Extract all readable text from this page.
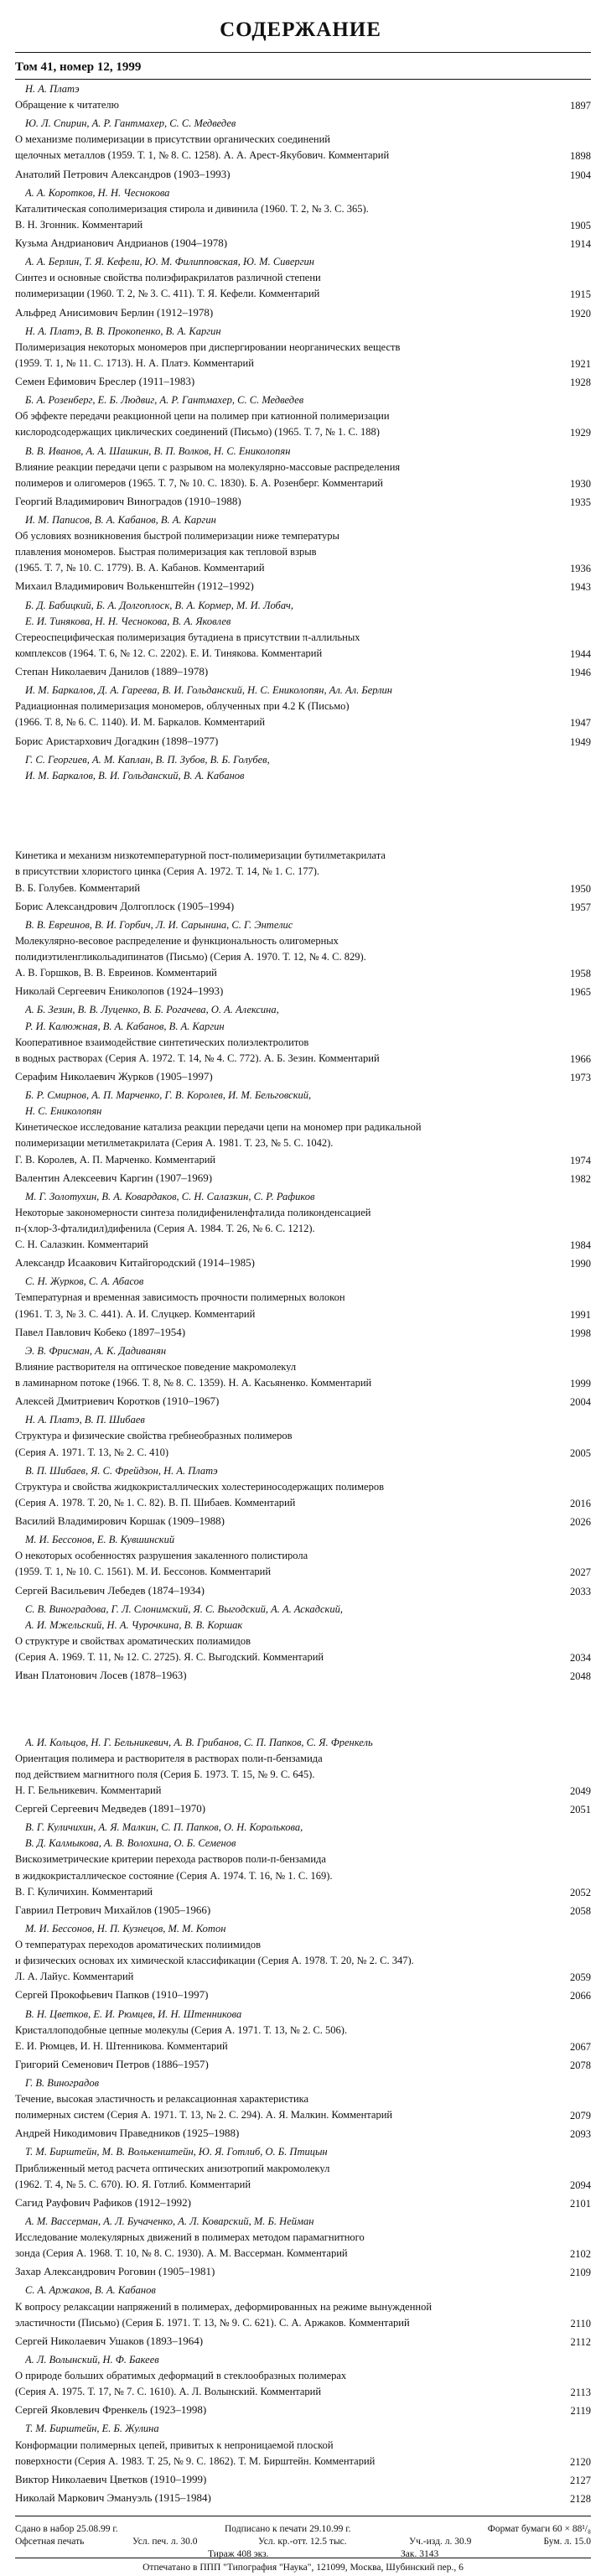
СОДЕРЖАНИЕ
Том 41, номер 12, 1999
Н. А. Платэ
Обращение к читателю	1897
Ю. Л. Спирин, А. Р. Гантмахер, С. С. Медведев
О механизме полимеризации в присутствии органических соединений
щелочных металлов (1959. Т. 1, № 8. С. 1258). А. А. Арест-Якубович. Комментарий	1898
Анатолий Петрович Александров (1903–1993)	1904
А. А. Коротков, Н. Н. Чеснокова
Каталитическая сополимеризация стирола и дивинила (1960. Т. 2, № 3. С. 365).
В. Н. Згонник. Комментарий	1905
Кузьма Андрианович Андрианов (1904–1978)	1914
А. А. Берлин, Т. Я. Кефели, Ю. М. Филипповская, Ю. М. Сивергин
Синтез и основные свойства полиэфиракрилатов различной степени
полимеризации (1960. Т. 2, № 3. С. 411). Т. Я. Кефели. Комментарий	1915
Альфред Анисимович Берлин (1912–1978)	1920
Н. А. Платэ, В. В. Прокопенко, В. А. Каргин
Полимеризация некоторых мономеров при диспергировании неорганических веществ
(1959. Т. 1, № 11. С. 1713). Н. А. Платэ. Комментарий	1921
Семен Ефимович Бреслер (1911–1983)	1928
Б. А. Розенберг, Е. Б. Людвиг, А. Р. Гантмахер, С. С. Медведев
Об эффекте передачи реакционной цепи на полимер при катионной полимеризации
кислородсодержащих циклических соединений (Письмо) (1965. Т. 7, № 1. С. 188)	1929
В. В. Иванов, А. А. Шашкин, В. П. Волков, Н. С. Ениколопян
Влияние реакции передачи цепи с разрывом на молекулярно-массовые распределения
полимеров и олигомеров (1965. Т. 7, № 10. С. 1830). Б. А. Розенберг. Комментарий	1930
Георгий Владимирович Виноградов (1910–1988)	1935
И. М. Паписов, В. А. Кабанов, В. А. Каргин
Об условиях возникновения быстрой полимеризации ниже температуры
плавления мономеров. Быстрая полимеризация как тепловой взрыв
(1965. Т. 7, № 10. С. 1779). В. А. Кабанов. Комментарий	1936
Михаил Владимирович Волькенштейн (1912–1992)	1943
Б. Д. Бабицкий, Б. А. Долгоплоск, В. А. Кормер, М. И. Лобач,
Е. И. Тинякова, Н. Н. Чеснокова, В. А. Яковлев
Стереоспецифическая полимеризация бутадиена в присутствии π-аллильных
комплексов (1964. Т. 6, № 12. С. 2202). Е. И. Тинякова. Комментарий	1944
Степан Николаевич Данилов (1889–1978)	1946
И. М. Баркалов, Д. А. Гареева, В. И. Гольданский, Н. С. Ениколопян, Ал. Ал. Берлин
Радиационная полимеризация мономеров, облученных при 4.2 К (Письмо)
(1966. Т. 8, № 6. С. 1140). И. М. Баркалов. Комментарий	1947
Борис Аристархович Догадкин (1898–1977)	1949
Г. С. Георгиев, А. М. Каплан, В. П. Зубов, В. Б. Голубев,
И. М. Баркалов, В. И. Гольданский, В. А. Кабанов
Кинетика и механизм низкотемпературной пост-полимеризации бутилметакрилата
в присутствии хлористого цинка (Серия А. 1972. Т. 14, № 1. С. 177).
В. Б. Голубев. Комментарий	1950
Борис Александрович Долгоплоск (1905–1994)	1957
В. В. Евреинов, В. И. Горбич, Л. И. Сарынина, С. Г. Энтелис
Молекулярно-весовое распределение и функциональность олигомерных
полидиэтиленгликольадипинатов (Письмо) (Серия А. 1970. Т. 12, № 4. С. 829).
А. В. Горшков, В. В. Евреинов. Комментарий	1958
Николай Сергеевич Ениколопов (1924–1993)	1965
А. Б. Зезин, В. В. Луценко, В. Б. Рогачева, О. А. Алексина,
Р. И. Калюжная, В. А. Кабанов, В. А. Каргин
Кооперативное взаимодействие синтетических полиэлектролитов
в водных растворах (Серия А. 1972. Т. 14, № 4. С. 772). А. Б. Зезин. Комментарий	1966
Серафим Николаевич Журков (1905–1997)	1973
Б. Р. Смирнов, А. П. Марченко, Г. В. Королев, И. М. Бельговский,
Н. С. Ениколопян
Кинетическое исследование катализа реакции передачи цепи на мономер при радикальной
полимеризации метилметакрилата (Серия А. 1981. Т. 23, № 5. С. 1042).
Г. В. Королев, А. П. Марченко. Комментарий	1974
Валентин Алексеевич Каргин (1907–1969)	1982
М. Г. Золотухин, В. А. Ковардаков, С. Н. Салазкин, С. Р. Рафиков
Некоторые закономерности синтеза полидифениленфталида поликонденсацией
п-(хлор-3-фталидил)дифенила (Серия А. 1984. Т. 26, № 6. С. 1212).
С. Н. Салазкин. Комментарий	1984
Александр Исаакович Китайгородский (1914–1985)	1990
С. Н. Журков, С. А. Абасов
Температурная и временная зависимость прочности полимерных волокон
(1961. Т. 3, № 3. С. 441). А. И. Слуцкер. Комментарий	1991
Павел Павлович Кобеко (1897–1954)	1998
Э. В. Фрисман, А. К. Дадиванян
Влияние растворителя на оптическое поведение макромолекул
в ламинарном потоке (1966. Т. 8, № 8. С. 1359). Н. А. Касьяненко. Комментарий	1999
Алексей Дмитриевич Коротков (1910–1967)	2004
Н. А. Платэ, В. П. Шибаев
Структура и физические свойства гребнеобразных полимеров
(Серия А. 1971. Т. 13, № 2. С. 410)	2005
В. П. Шибаев, Я. С. Фрейдзон, Н. А. Платэ
Структура и свойства жидкокристаллических холестериносодержащих полимеров
(Серия А. 1978. Т. 20, № 1. С. 82). В. П. Шибаев. Комментарий	2016
Василий Владимирович Коршак (1909–1988)	2026
М. И. Бессонов, Е. В. Кувшинский
О некоторых особенностях разрушения закаленного полистирола
(1959. Т. 1, № 10. С. 1561). М. И. Бессонов. Комментарий	2027
Сергей Васильевич Лебедев (1874–1934)	2033
С. В. Виноградова, Г. Л. Слонимский, Я. С. Выгодский, А. А. Аскадский,
А. И. Мжельский, Н. А. Чурочкина, В. В. Коршак
О структуре и свойствах ароматических полиамидов
(Серия А. 1969. Т. 11, № 12. С. 2725). Я. С. Выгодский. Комментарий	2034
Иван Платонович Лосев (1878–1963)	2048
А. И. Кольцов, Н. Г. Бельникевич, А. В. Грибанов, С. П. Папков, С. Я. Френкель
Ориентация полимера и растворителя в растворах поли-п-бензамида
под действием магнитного поля (Серия Б. 1973. Т. 15, № 9. С. 645).
Н. Г. Бельникевич. Комментарий	2049
Сергей Сергеевич Медведев (1891–1970)	2051
В. Г. Куличихин, А. Я. Малкин, С. П. Папков, О. Н. Королькова,
В. Д. Калмыкова, А. В. Волохина, О. Б. Семенов
Вискозиметрические критерии перехода растворов поли-п-бензамида
в жидкокристаллическое состояние (Серия А. 1974. Т. 16, № 1. С. 169).
В. Г. Куличихин. Комментарий	2052
Гавриил Петрович Михайлов (1905–1966)	2058
М. И. Бессонов, Н. П. Кузнецов, М. М. Котон
О температурах переходов ароматических полиимидов
и физических основах их химической классификации (Серия А. 1978. Т. 20, № 2. С. 347).
Л. А. Лайус. Комментарий	2059
Сергей Прокофьевич Папков (1910–1997)	2066
В. Н. Цветков, Е. И. Рюмцев, И. Н. Штенникова
Кристаллоподобные цепные молекулы (Серия А. 1971. Т. 13, № 2. С. 506).
Е. И. Рюмцев, И. Н. Штенникова. Комментарий	2067
Григорий Семенович Петров (1886–1957)	2078
Г. В. Виноградов
Течение, высокая эластичность и релаксационная характеристика
полимерных систем (Серия А. 1971. Т. 13, № 2. С. 294). А. Я. Малкин. Комментарий	2079
Андрей Никодимович Праведников (1925–1988)	2093
Т. М. Бирштейн, М. В. Волькенштейн, Ю. Я. Готлиб, О. Б. Птицын
Приближенный метод расчета оптических анизотропий макромолекул
(1962. Т. 4, № 5. С. 670). Ю. Я. Готлиб. Комментарий	2094
Сагид Рауфович Рафиков (1912–1992)	2101
А. М. Вассерман, А. Л. Бучаченко, А. Л. Коварский, М. Б. Нейман
Исследование молекулярных движений в полимерах методом парамагнитного
зонда (Серия А. 1968. Т. 10, № 8. С. 1930). А. М. Вассерман. Комментарий	2102
Захар Александрович Роговин (1905–1981)	2109
С. А. Аржаков, В. А. Кабанов
К вопросу релаксации напряжений в полимерах, деформированных на режиме вынужденной
эластичности (Письмо) (Серия Б. 1971. Т. 13, № 9. С. 621). С. А. Аржаков. Комментарий	2110
Сергей Николаевич Ушаков (1893–1964)	2112
А. Л. Волынский, Н. Ф. Бакеев
О природе больших обратимых деформаций в стеклообразных полимерах
(Серия А. 1975. Т. 17, № 7. С. 1610). А. Л. Волынский. Комментарий	2113
Сергей Яковлевич Френкель (1923–1998)	2119
Т. М. Бирштейн, Е. Б. Жулина
Конформации полимерных цепей, привитых к непроницаемой плоской
поверхности (Серия А. 1983. Т. 25, № 9. С. 1862). Т. М. Бирштейн. Комментарий	2120
Виктор Николаевич Цветков (1910–1999)	2127
Николай Маркович Эмануэль (1915–1984)	2128
Сдано в набор 25.08.99 г.	Подписано к печати 29.10.99 г.	Формат бумаги 60 × 88¹/₈
Офсетная печать	Усл. печ. л. 30.0	Усл. кр.-отт. 12.5 тыс.	Уч.-изд. л. 30.9	Бум. л. 15.0
Тираж 408 экз.	Зак. 3143
Отпечатано в ППП "Типография "Наука", 121099, Москва, Шубинский пер., 6
